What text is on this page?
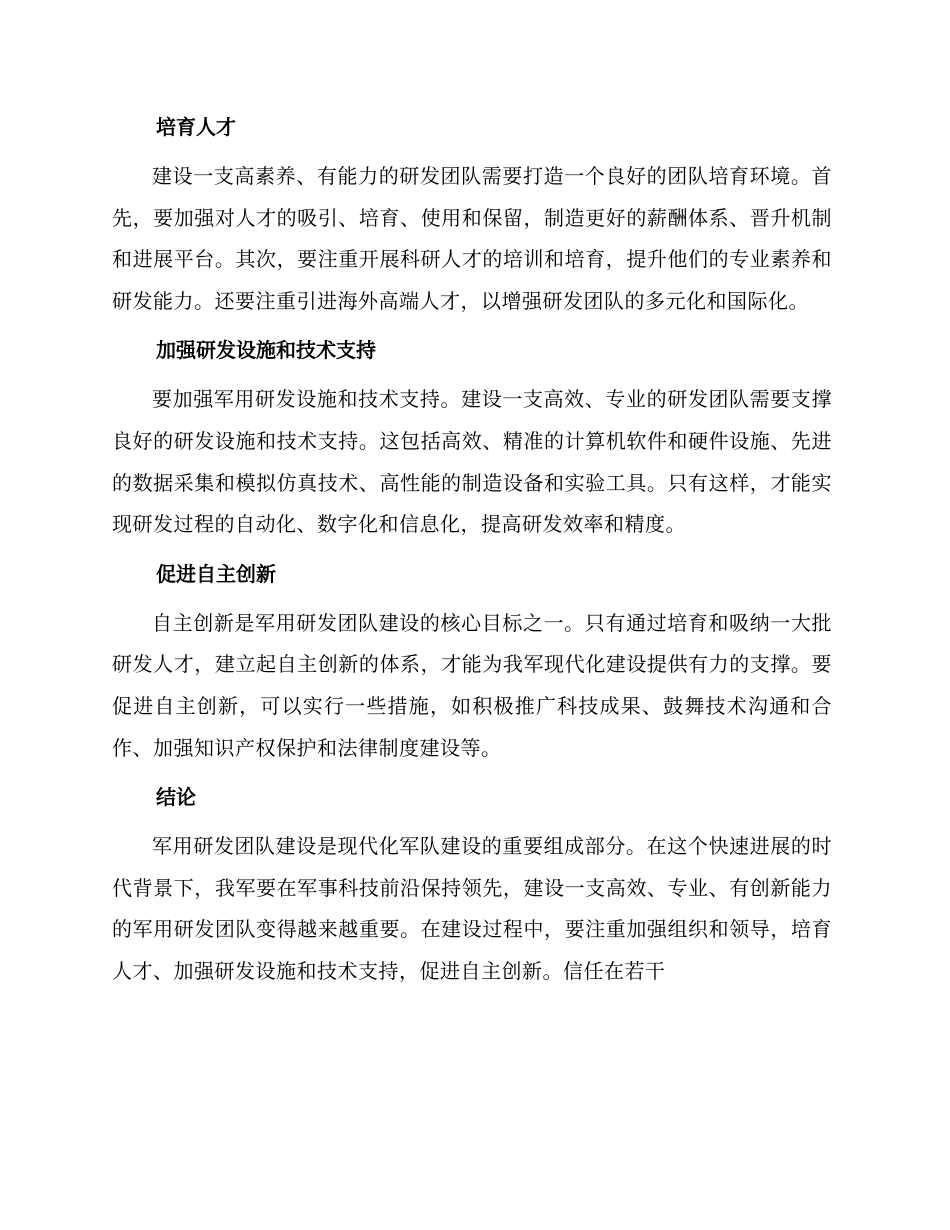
培育人才

建设一支高素养、有能力的研发团队需要打造一个良好的团队培育环境。首先，要加强对人才的吸引、培育、使用和保留，制造更好的薪酬体系、晋升机制和进展平台。其次，要注重开展科研人才的培训和培育，提升他们的专业素养和研发能力。还要注重引进海外高端人才，以增强研发团队的多元化和国际化。

加强研发设施和技术支持

要加强军用研发设施和技术支持。建设一支高效、专业的研发团队需要支撑良好的研发设施和技术支持。这包括高效、精准的计算机软件和硬件设施、先进的数据采集和模拟仿真技术、高性能的制造设备和实验工具。只有这样，才能实现研发过程的自动化、数字化和信息化，提高研发效率和精度。

促进自主创新

自主创新是军用研发团队建设的核心目标之一。只有通过培育和吸纳一大批研发人才，建立起自主创新的体系，才能为我军现代化建设提供有力的支撑。要促进自主创新，可以实行一些措施，如积极推广科技成果、鼓舞技术沟通和合作、加强知识产权保护和法律制度建设等。

结论

军用研发团队建设是现代化军队建设的重要组成部分。在这个快速进展的时代背景下，我军要在军事科技前沿保持领先，建设一支高效、专业、有创新能力的军用研发团队变得越来越重要。在建设过程中，要注重加强组织和领导，培育人才、加强研发设施和技术支持，促进自主创新。信任在若干
